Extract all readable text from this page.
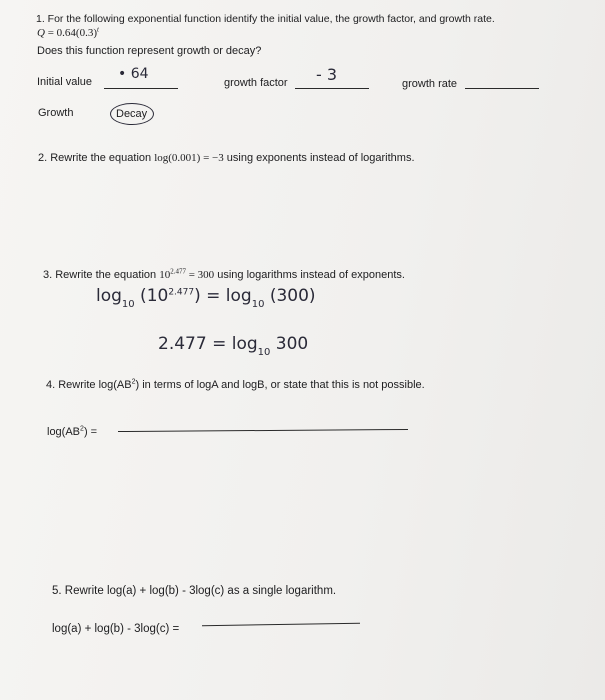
1. For the following exponential function identify the initial value, the growth factor, and growth rate.
$Q = 0.64(0.3)^t$
Does this function represent growth or decay?
Initial value • 64
growth factor - 3	growth rate
Growth	Decay
2. Rewrite the equation log(0.001) = −3 using exponents instead of logarithms.
3. Rewrite the equation $10^{2.477} = 300$ using logarithms instead of exponents.
$\log_{10} (10^{2.477}) = \log_{10} (300)$
$2.477 = \log_{10} 300$
4. Rewrite $\log(AB^2)$ in terms of logA and logB, or state that this is not possible.
$\log(AB^2)$ =
5. Rewrite log(a) + log(b) - 3log(c) as a single logarithm.
log(a) + log(b) - 3log(c) =
